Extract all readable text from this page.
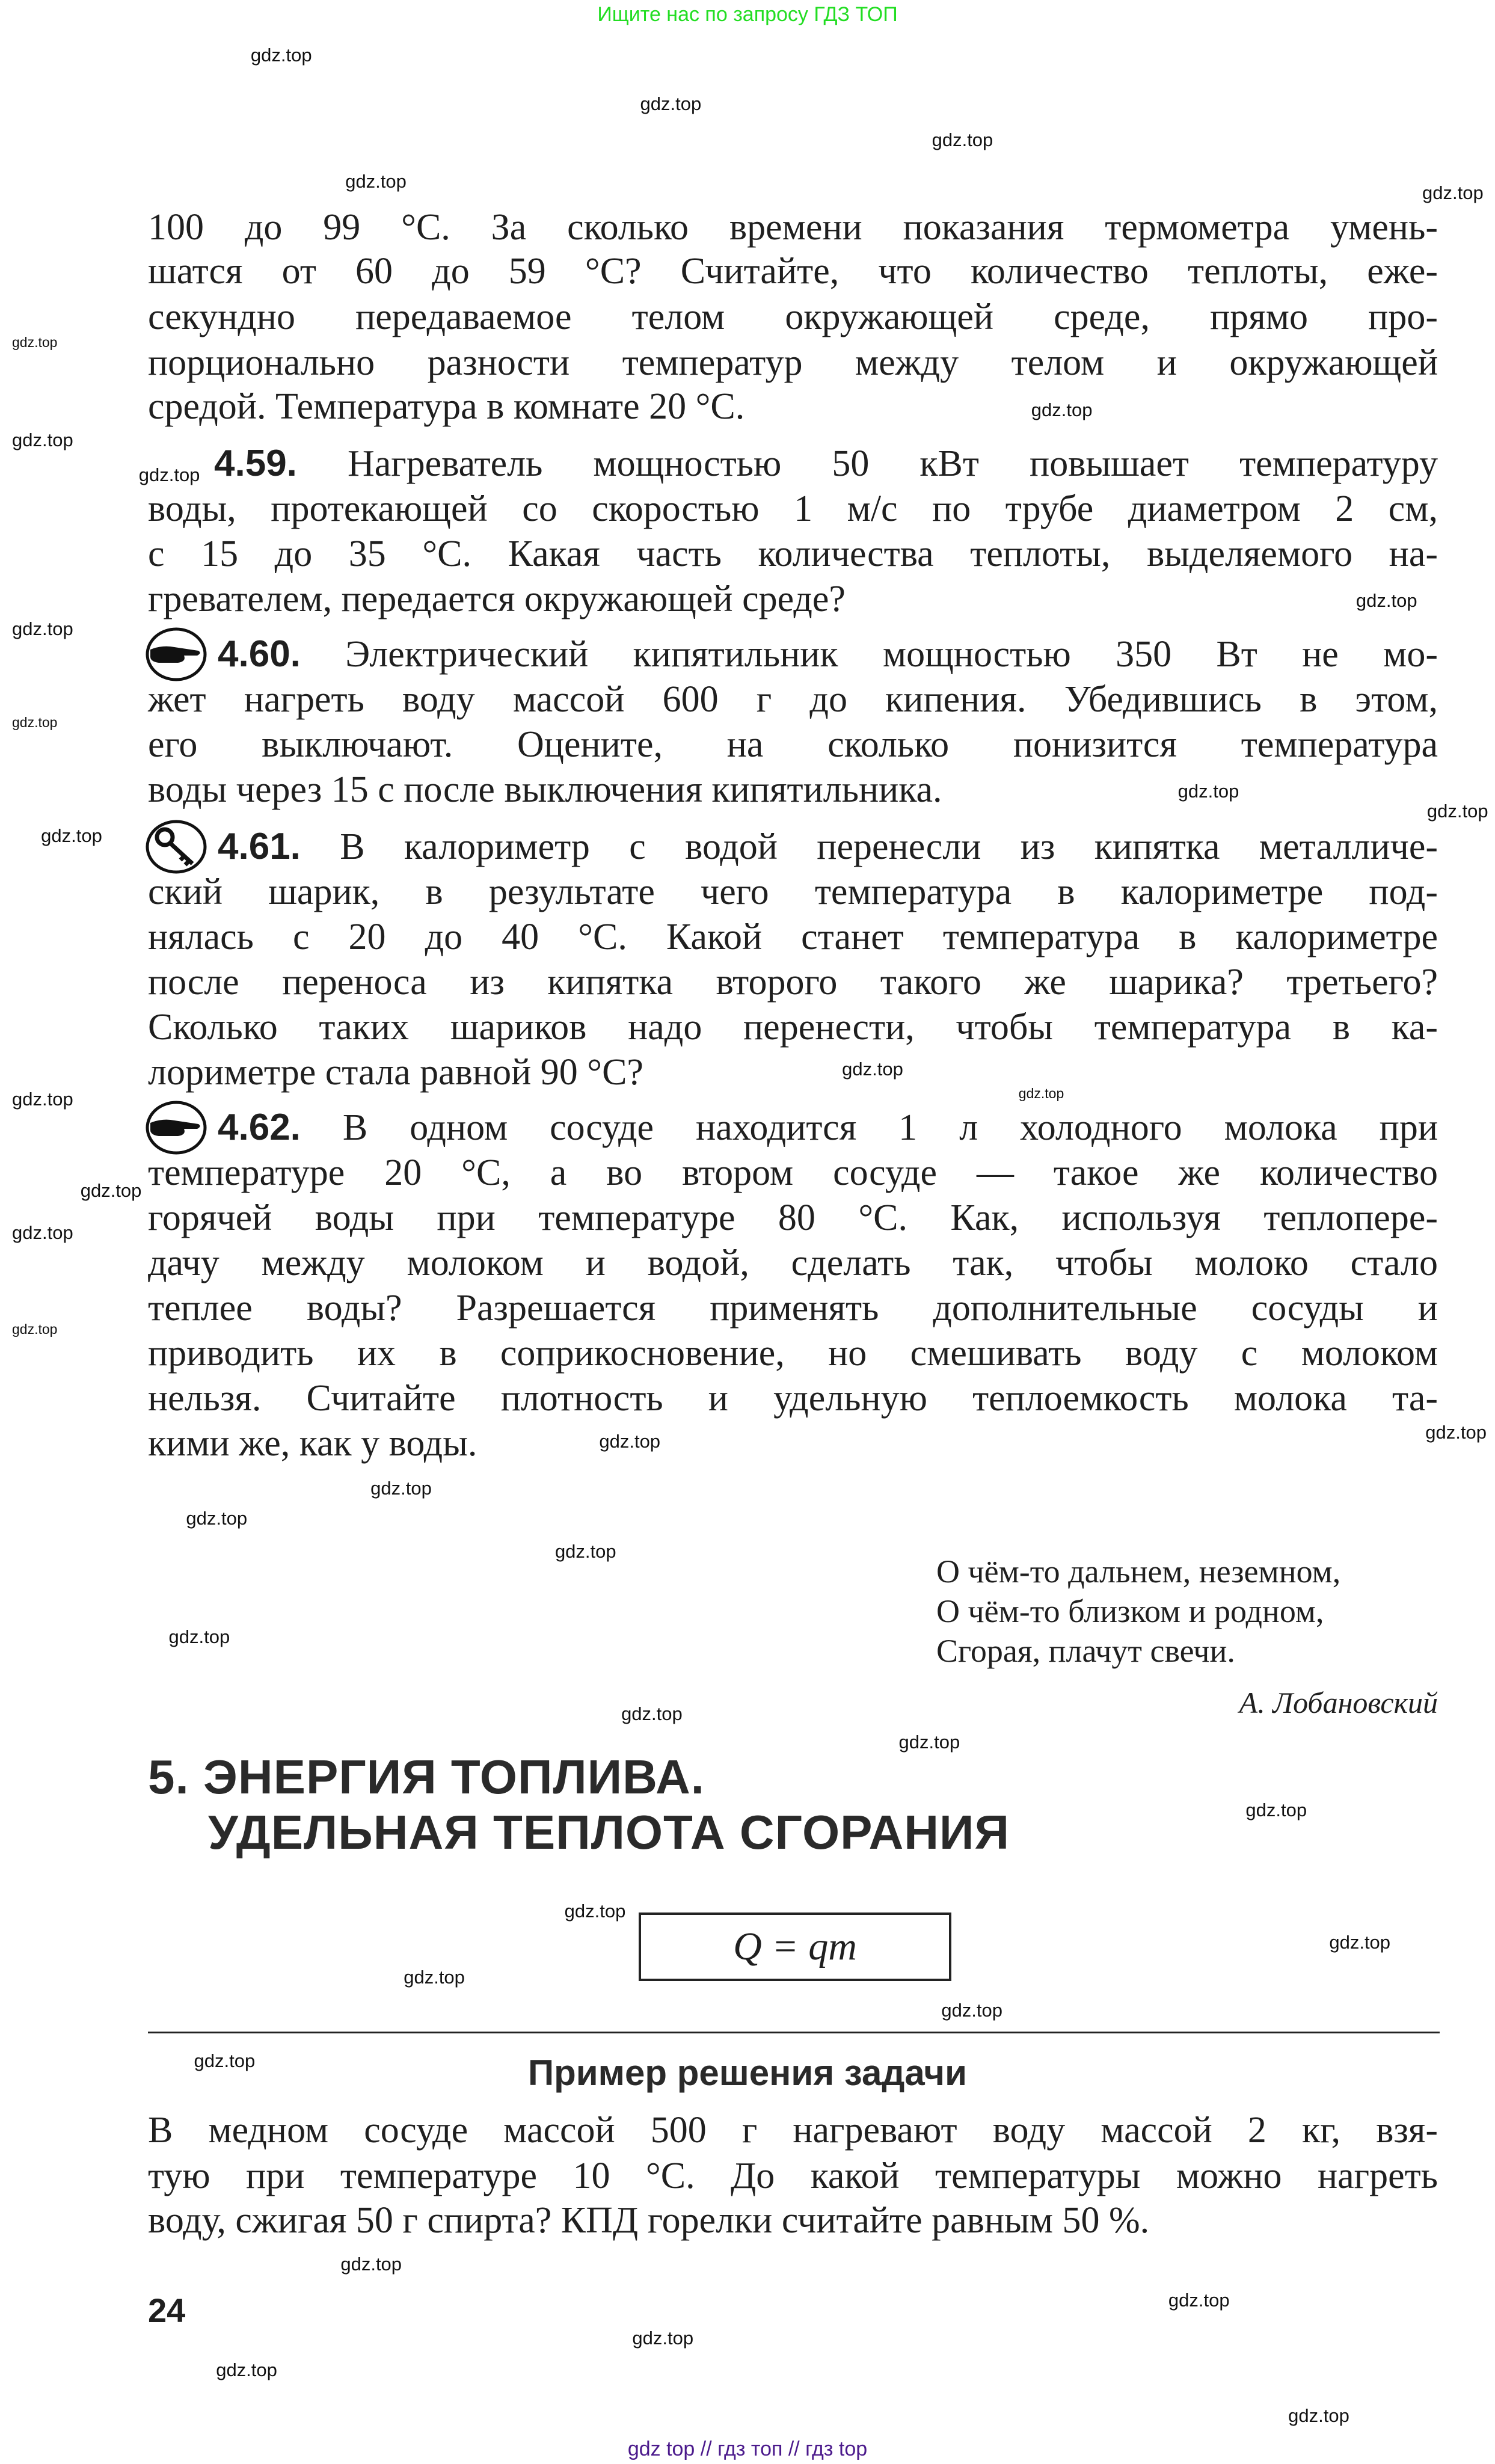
Ищите нас по запросу ГДЗ ТОП
100 до 99 °С. За сколько времени показания термометра умень-
шатся от 60 до 59 °С? Считайте, что количество теплоты, еже-
секундно передаваемое телом окружающей среде, прямо про-
порционально разности температур между телом и окружающей
средой. Температура в комнате 20 °С.
4.59. Нагреватель мощностью 50 кВт повышает температуру
воды, протекающей со скоростью 1 м/с по трубе диаметром 2 см,
с 15 до 35 °С. Какая часть количества теплоты, выделяемого на-
гревателем, передается окружающей среде?
4.60. Электрический кипятильник мощностью 350 Вт не мо-
жет нагреть воду массой 600 г до кипения. Убедившись в этом,
его выключают. Оцените, на сколько понизится температура
воды через 15 с после выключения кипятильника.
4.61. В калориметр с водой перенесли из кипятка металличе-
ский шарик, в результате чего температура в калориметре под-
нялась с 20 до 40 °С. Какой станет температура в калориметре
после переноса из кипятка второго такого же шарика? третьего?
Сколько таких шариков надо перенести, чтобы температура в ка-
лориметре стала равной 90 °С?
4.62. В одном сосуде находится 1 л холодного молока при
температуре 20 °С, а во втором сосуде — такое же количество
горячей воды при температуре 80 °С. Как, используя теплопере-
дачу между молоком и водой, сделать так, чтобы молоко стало
теплее воды? Разрешается применять дополнительные сосуды и
приводить их в соприкосновение, но смешивать воду с молоком
нельзя. Считайте плотность и удельную теплоемкость молока та-
кими же, как у воды.
В медном сосуде массой 500 г нагревают воду массой 2 кг, взя-
тую при температуре 10 °С. До какой температуры можно нагреть
воду, сжигая 50 г спирта? КПД горелки считайте равным 50 %.
О чём-то дальнем, неземном,
О чём-то близком и родном,
Сгорая, плачут свечи.
А. Лобановский
5. ЭНЕРГИЯ ТОПЛИВА.
УДЕЛЬНАЯ ТЕПЛОТА СГОРАНИЯ
Q = qm
Пример решения задачи
24
gdz.top
gdz.top
gdz.top
gdz.top
gdz.top
gdz.top
gdz.top
gdz.top
gdz.top
gdz.top
gdz.top
gdz.top
gdz.top
gdz.top
gdz.top
gdz.top
gdz.top
gdz.top
gdz.top
gdz.top
gdz.top
gdz.top
gdz.top
gdz.top
gdz.top
gdz.top
gdz.top
gdz.top
gdz.top
gdz.top
gdz.top
gdz.top
gdz.top
gdz.top
gdz.top
gdz.top
gdz.top
gdz.top
gdz.top
gdz.top
gdz top // гдз топ // гдз top
